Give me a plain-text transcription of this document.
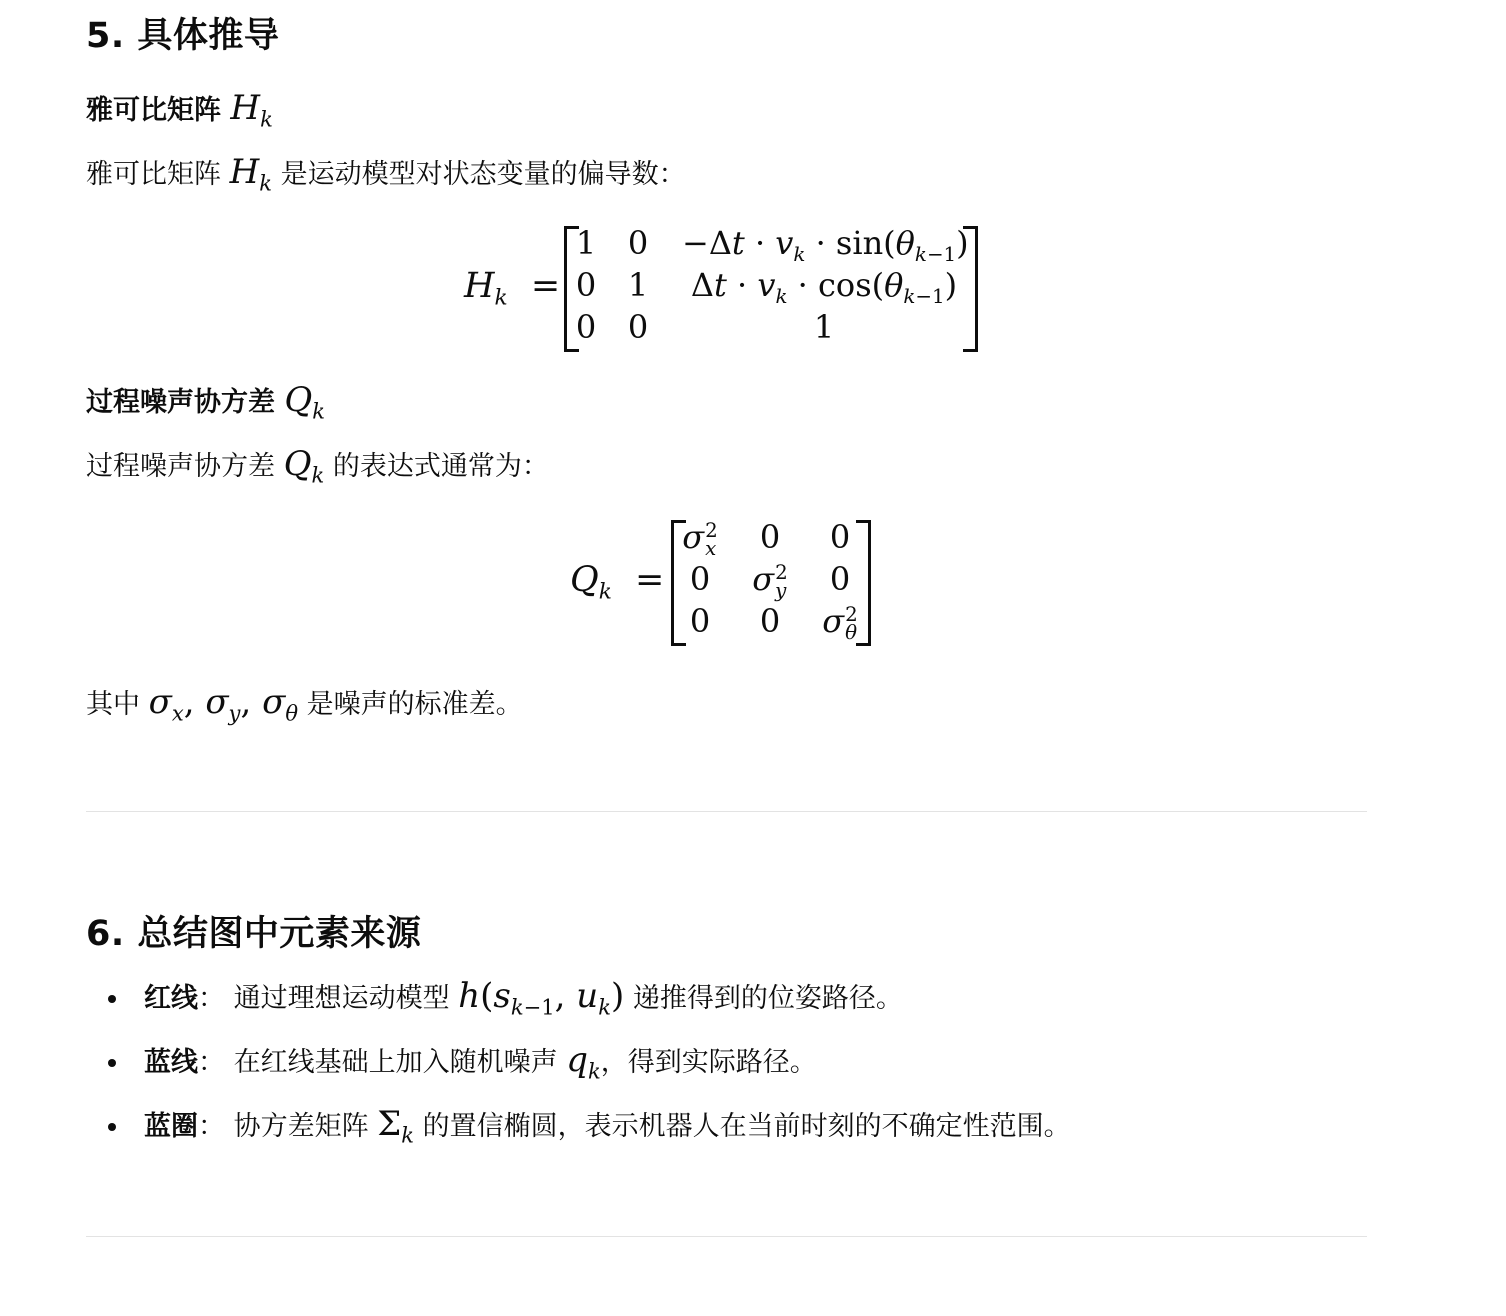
5. 具体推导
雅可比矩阵 $H_k$
雅可比矩阵 $H_k$ 是运动模型对状态变量的偏导数：
$H_k$ =
1 $0 -\Delta t \cdot v_k \cdot \sin(\theta_{k-1})$
0 1 $\Delta t \cdot v_k \cdot \cos(\theta_{k-1})$
0 0	1
过程噪声协方差 $Q_k$
过程噪声协方差 $Q_k$ 的表达式通常为：
$Q_k$ =
σ 2
x 0 0
0 σ 2
y 0
0 0 σ 2
θ
其中 $\sigma_x$, $\sigma_y$, $\sigma_\theta$ 是噪声的标准差。
6. 总结图中元素来源
红线： 通过理想运动模型 $h(s_{k-1}$, $u_k$) 递推得到的位姿路径。
蓝线： 在红线基础上加入随机噪声 $q_k$，得到实际路径。
蓝圈： 协方差矩阵 $\Sigma_k$ 的置信椭圆，表示机器人在当前时刻的不确定性范围。
